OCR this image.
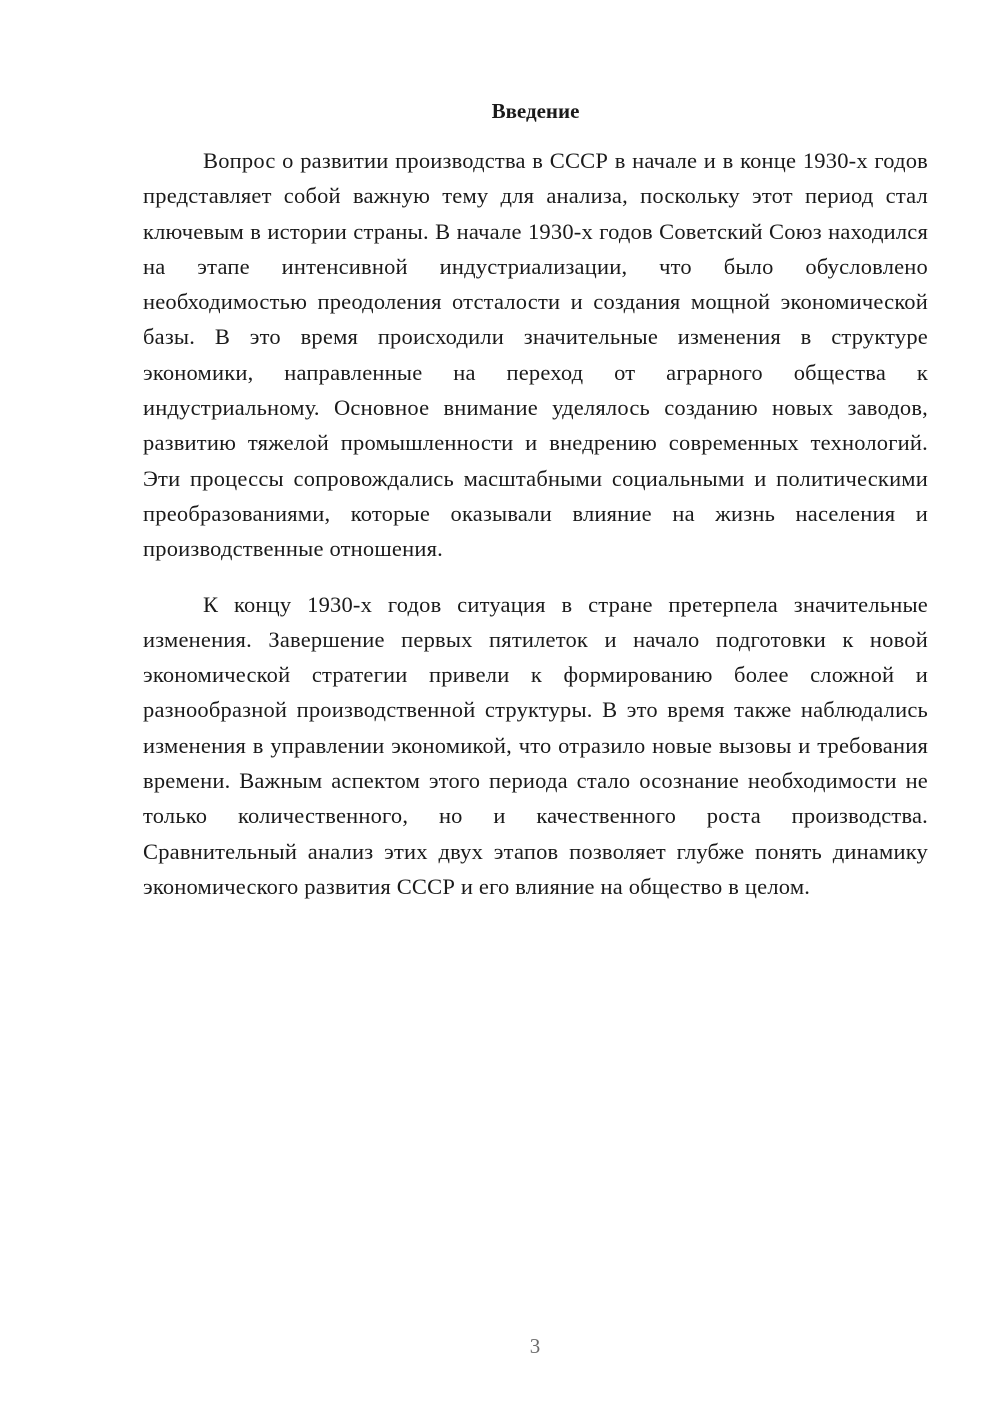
Введение

Вопрос о развитии производства в СССР в начале и в конце 1930-х годов представляет собой важную тему для анализа, поскольку этот период стал ключевым в истории страны. В начале 1930-х годов Советский Союз находился на этапе интенсивной индустриализации, что было обусловлено необходимостью преодоления отсталости и создания мощной экономической базы. В это время происходили значительные изменения в структуре экономики, направленные на переход от аграрного общества к индустриальному. Основное внимание уделялось созданию новых заводов, развитию тяжелой промышленности и внедрению современных технологий. Эти процессы сопровождались масштабными социальными и политическими преобразованиями, которые оказывали влияние на жизнь населения и производственные отношения.

К концу 1930-х годов ситуация в стране претерпела значительные изменения. Завершение первых пятилеток и начало подготовки к новой экономической стратегии привели к формированию более сложной и разнообразной производственной структуры. В это время также наблюдались изменения в управлении экономикой, что отразило новые вызовы и требования времени. Важным аспектом этого периода стало осознание необходимости не только количественного, но и качественного роста производства. Сравнительный анализ этих двух этапов позволяет глубже понять динамику экономического развития СССР и его влияние на общество в целом.

3
